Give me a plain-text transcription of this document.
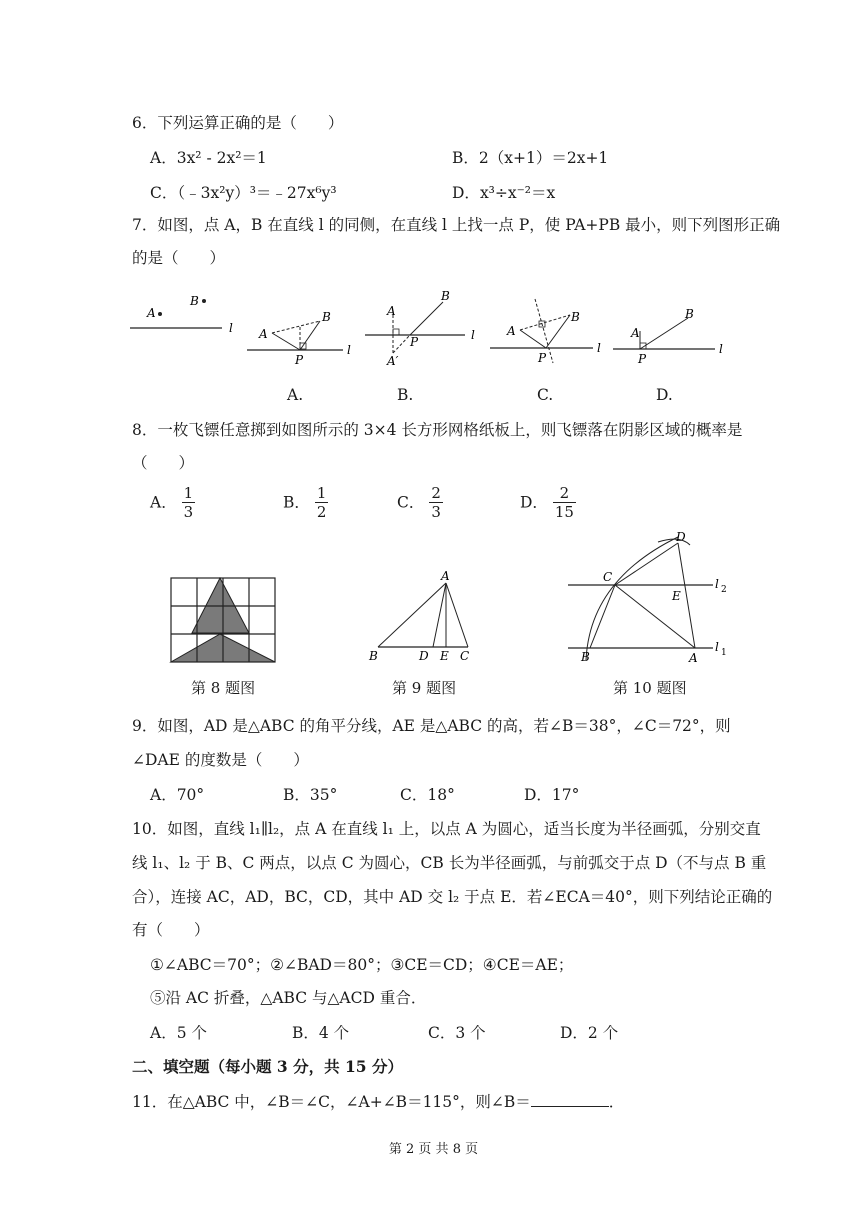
6．下列运算正确的是（　　）
A．3x² - 2x²＝1	B．2（x+1）＝2x+1
C．（﹣3x²y）³＝﹣27x⁶y³	D．x³÷x⁻²＝x
7．如图，点 A，B 在直线 l 的同侧，在直线 l 上找一点 P，使 PA+PB 最小，则下列图形正确
的是（　　）
A
B
l A
B
P
l
A
B
P
A′
l	A
B
P
l
A
B
P
l
A.	B.	C.	D.
8．一枚飞镖任意掷到如图所示的 3×4 长方形网格纸板上，则飞镖落在阴影区域的概率是
（　　）
A． $\frac{1}{3}$	B． $\frac{1}{2}$	C． $\frac{2}{3}$	D． $\frac{2}{15}$
第 8 题图
A
B	D E C
第 9 题图
D
C
E
B	A
l 2
l 1
第 10 题图
9．如图，AD 是△ABC 的角平分线，AE 是△ABC 的高，若∠B＝38°，∠C＝72°，则
∠DAE 的度数是（　　）
A．70°	B．35°	C．18°	D．17°
10．如图，直线 l₁∥l₂，点 A 在直线 l₁ 上，以点 A 为圆心，适当长度为半径画弧，分别交直
线 l₁、l₂ 于 B、C 两点，以点 C 为圆心，CB 长为半径画弧，与前弧交于点 D（不与点 B 重
合），连接 AC，AD，BC，CD，其中 AD 交 l₂ 于点 E．若∠ECA＝40°，则下列结论正确的
有（　　）
①∠ABC＝70°；②∠BAD＝80°；③CE＝CD；④CE＝AE；
⑤沿 AC 折叠，△ABC 与△ACD 重合．
A．5 个	B．4 个	C．3 个	D．2 个
二、填空题（每小题 3 分，共 15 分）
11．在△ABC 中，∠B＝∠C，∠A+∠B＝115°，则∠B＝	．
第 2 页 共 8 页
